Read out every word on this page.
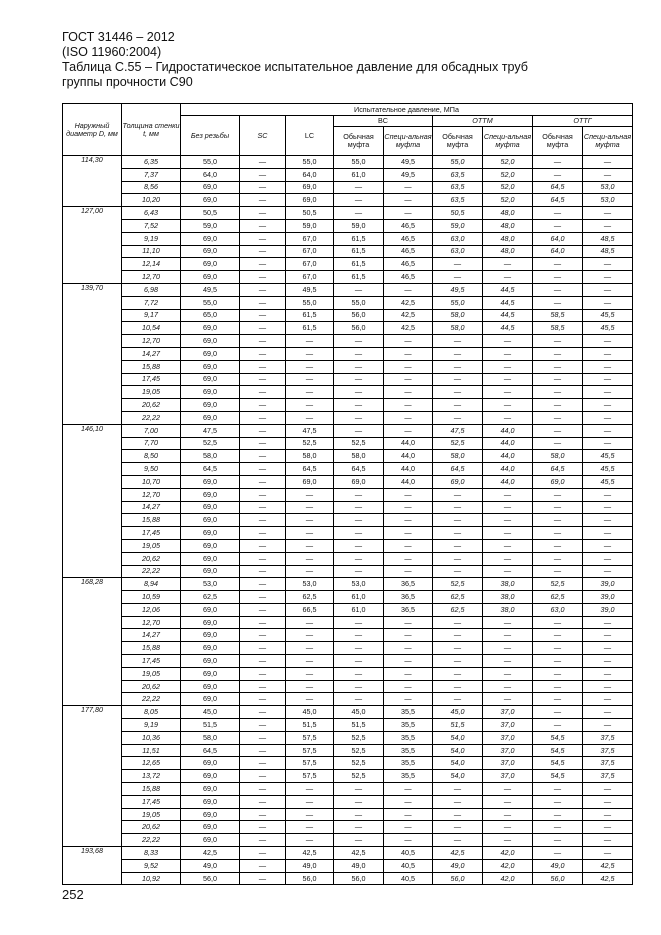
ГОСТ 31446 – 2012
(ISO 11960:2004)
Таблица С.55 – Гидростатическое испытательное давление для обсадных труб
группы прочности С90
Наружный диаметр D, мм	Толщина стенки t, мм	Испытательное давление, МПа								
		Без резьбы	SC	LC	BC		ОТТМ		ОТТГ	
					Обычная муфта	Специ-альная муфта	Обычная муфта	Специ-альная муфта	Обычная муфта	Специ-альная муфта
114,30	6,35	55,0	—	55,0	55,0	49,5	55,0	52,0	—	—
	7,37	64,0	—	64,0	61,0	49,5	63,5	52,0	—	—
	8,56	69,0	—	69,0	—	—	63,5	52,0	64,5	53,0
	10,20	69,0	—	69,0	—	—	63,5	52,0	64,5	53,0
127,00	6,43	50,5	—	50,5	—	—	50,5	48,0	—	—
	7,52	59,0	—	59,0	59,0	46,5	59,0	48,0	—	—
	9,19	69,0	—	67,0	61,5	46,5	63,0	48,0	64,0	48,5
	11,10	69,0	—	67,0	61,5	46,5	63,0	48,0	64,0	48,5
	12,14	69,0	—	67,0	61,5	46,5	—	—	—	—
	12,70	69,0	—	67,0	61,5	46,5	—	—	—	—
139,70	6,98	49,5	—	49,5	—	—	49,5	44,5	—	—
	7,72	55,0	—	55,0	55,0	42,5	55,0	44,5	—	—
	9,17	65,0	—	61,5	56,0	42,5	58,0	44,5	58,5	45,5
	10,54	69,0	—	61,5	56,0	42,5	58,0	44,5	58,5	45,5
	12,70	69,0	—	—	—	—	—	—	—	—
	14,27	69,0	—	—	—	—	—	—	—	—
	15,88	69,0	—	—	—	—	—	—	—	—
	17,45	69,0	—	—	—	—	—	—	—	—
	19,05	69,0	—	—	—	—	—	—	—	—
	20,62	69,0	—	—	—	—	—	—	—	—
	22,22	69,0	—	—	—	—	—	—	—	—
146,10	7,00	47,5	—	47,5	—	—	47,5	44,0	—	—
	7,70	52,5	—	52,5	52,5	44,0	52,5	44,0	—	—
	8,50	58,0	—	58,0	58,0	44,0	58,0	44,0	58,0	45,5
	9,50	64,5	—	64,5	64,5	44,0	64,5	44,0	64,5	45,5
	10,70	69,0	—	69,0	69,0	44,0	69,0	44,0	69,0	45,5
	12,70	69,0	—	—	—	—	—	—	—	—
	14,27	69,0	—	—	—	—	—	—	—	—
	15,88	69,0	—	—	—	—	—	—	—	—
	17,45	69,0	—	—	—	—	—	—	—	—
	19,05	69,0	—	—	—	—	—	—	—	—
	20,62	69,0	—	—	—	—	—	—	—	—
	22,22	69,0	—	—	—	—	—	—	—	—
168,28	8,94	53,0	—	53,0	53,0	36,5	52,5	38,0	52,5	39,0
	10,59	62,5	—	62,5	61,0	36,5	62,5	38,0	62,5	39,0
	12,06	69,0	—	66,5	61,0	36,5	62,5	38,0	63,0	39,0
	12,70	69,0	—	—	—	—	—	—	—	—
	14,27	69,0	—	—	—	—	—	—	—	—
	15,88	69,0	—	—	—	—	—	—	—	—
	17,45	69,0	—	—	—	—	—	—	—	—
	19,05	69,0	—	—	—	—	—	—	—	—
	20,62	69,0	—	—	—	—	—	—	—	—
	22,22	69,0	—	—	—	—	—	—	—	—
177,80	8,05	45,0	—	45,0	45,0	35,5	45,0	37,0	—	—
	9,19	51,5	—	51,5	51,5	35,5	51,5	37,0	—	—
	10,36	58,0	—	57,5	52,5	35,5	54,0	37,0	54,5	37,5
	11,51	64,5	—	57,5	52,5	35,5	54,0	37,0	54,5	37,5
	12,65	69,0	—	57,5	52,5	35,5	54,0	37,0	54,5	37,5
	13,72	69,0	—	57,5	52,5	35,5	54,0	37,0	54,5	37,5
	15,88	69,0	—	—	—	—	—	—	—	—
	17,45	69,0	—	—	—	—	—	—	—	—
	19,05	69,0	—	—	—	—	—	—	—	—
	20,62	69,0	—	—	—	—	—	—	—	—
	22,22	69,0	—	—	—	—	—	—	—	—
193,68	8,33	42,5	—	42,5	42,5	40,5	42,5	42,0	—	—
	9,52	49,0	—	49,0	49,0	40,5	49,0	42,0	49,0	42,5
	10,92	56,0	—	56,0	56,0	40,5	56,0	42,0	56,0	42,5
252
